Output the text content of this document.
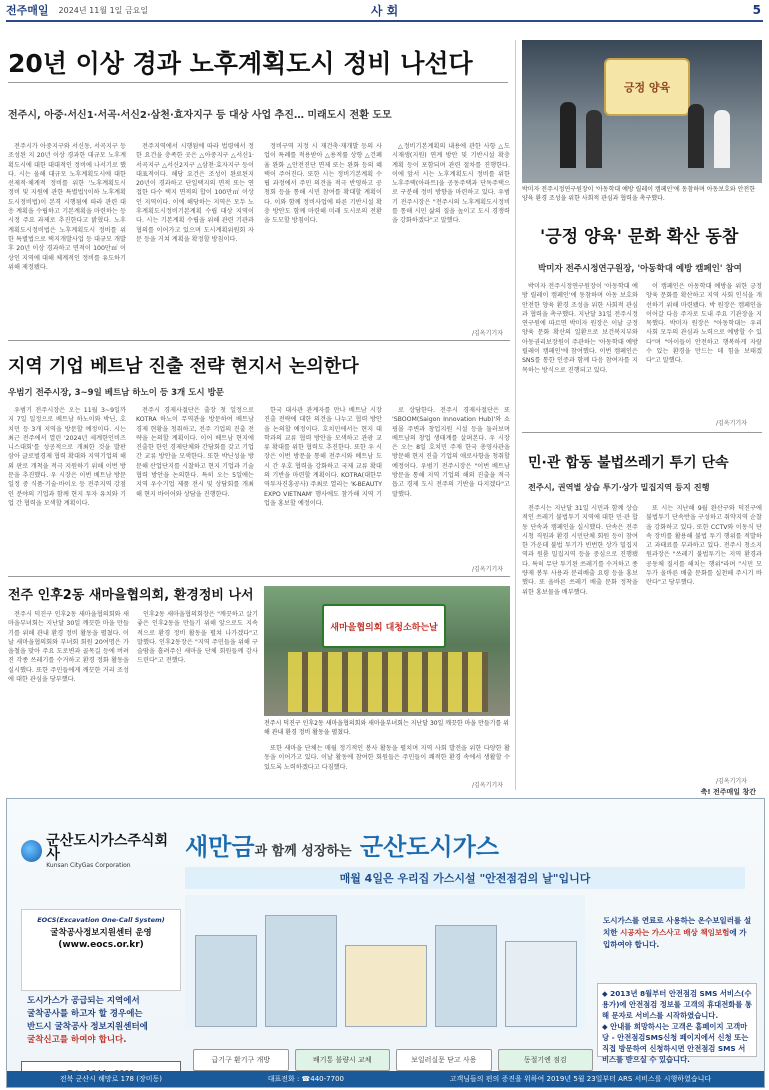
전주매일 2024년 11월 1일 금요일	사 회	5
20년 이상 경과 노후계획도시 정비 나선다
전주시, 아중·서신1·서곡·서신2·삼천·효자지구 등 대상 사업 추진… 미래도시 전환 도모

전주시가 아중지구와 서신동, 서곡지구 등 조성된 지 20년 이상 경과한 대규모 노후계획도시에 대한 대대적인 정비에 나서기로 했다. 시는 올해 대규모 노후계획도시에 대한 선제적·체계적 정비를 위한 '노후계획도시 정비 및 지원에 관한 특별법'(이하 노후계획도시정비법)이 본격 시행됨에 따라 관련 대응 계획을 수립하고 기본계획을 마련하는 등 시정 주요 과제로 추진한다고 밝혔다. 노후계획도시정비법은 노후계획도시 정비를 위한 특별법으로 택지개발사업 등 대규모 개발 후 20년 이상 경과하고 면적이 100만㎡ 이상인 지역에 대해 체계적인 정비를 유도하기 위해 제정됐다.

전주지역에서 시행됨에 따라 법령에서 정한 요건을 충족한 곳은 △아중지구 △서신1·서곡지구 △서신2지구 △삼천·효자지구 등이 대표적이다. 해당 요건은 조성이 완료된지 20년이 경과하고 단일택지의 면적 또는 연접한 다수 택지 면적의 합이 100만㎡ 이상인 지역이다. 이에 해당하는 지역은 모두 노후계획도시정비기본계획 수립 대상 지역이다. 시는 기본계획 수립을 위해 관련 기관과 협의를 이어가고 있으며 도시계획위원회 자문 등을 거쳐 계획을 확정할 방침이다.

정비구역 지정 시 재건축·재개발 등의 사업이 특례를 적용받아 △용적률 상향 △건폐율 완화 △안전진단 면제 또는 완화 등의 혜택이 주어진다. 또한 시는 정비기본계획 수립 과정에서 주민 의견을 적극 반영하고 공청회 등을 통해 시민 참여를 확대할 계획이다. 이와 함께 정비사업에 따른 기반시설 확충 방안도 함께 마련해 미래 도시로의 전환을 도모할 방침이다.

△정비기본계획의 내용에 관한 사항 △도시재생(지원) 연계 방안 및 기반시설 확충 계획 등이 포함되며 관련 절차를 진행한다. 이에 앞서 시는 노후계획도시 정비를 위한 노후주택(아파트)을 공동주택과 단독주택으로 구분해 정비 방향을 마련하고 있다. 우범기 전주시장은 "전주시의 노후계획도시정비를 통해 시민 삶의 질을 높이고 도시 경쟁력을 강화하겠다"고 말했다.

/김옥기기자
긍정 양육
박미자 전주시정연구원장이 '아동학대 예방 릴레이 캠페인'에 동참하며 아동보호와 안전한 양육 환경 조성을 위한 사회적 관심과 협력을 촉구했다.
'긍정 양육' 문화 확산 동참
박미자 전주시정연구원장, '아동학대 예방 캠페인' 참여

박미자 전주시정연구원장이 '아동학대 예방 릴레이 캠페인'에 동참하며 아동 보호와 안전한 양육 환경 조성을 위한 사회적 관심과 협력을 촉구했다. 지난달 31일 전주시정연구원에 따르면 박미자 원장은 이날 긍정 양육 문화 확산의 일환으로 보건복지부와 아동권리보장원이 주관하는 '아동학대 예방 릴레이 캠페인'에 참여했다. 이번 캠페인은 SNS를 통한 인증과 함께 다음 참여자를 지목하는 방식으로 진행되고 있다.

이 캠페인은 아동학대 예방을 위한 긍정 양육 문화를 확산하고 지역 사회 인식을 개선하기 위해 마련됐다. 박 원장은 캠페인을 이어갈 다음 주자로 도내 주요 기관장을 지목했다. 박미자 원장은 "아동학대는 우리 사회 모두의 관심과 노력으로 예방할 수 있다"며 "아이들이 안전하고 행복하게 자랄 수 있는 환경을 만드는 데 힘을 보태겠다"고 말했다.

/김옥기기자
지역 기업 베트남 진출 전략 현지서 논의한다
우범기 전주시장, 3~9일 베트남 하노이 등 3개 도시 방문

우범기 전주시장은 오는 11월 3~9일까지 7일 일정으로 베트남 하노이와 박닌, 호치민 등 3개 지역을 방문할 예정이다. 시는 최근 전주에서 열린 '2024년 세계한인비즈니스대회'를 성공적으로 개최한 것을 발판 삼아 글로벌경제 협력 확대와 지역기업의 해외 판로 개척을 적극 지원하기 위해 이번 방문을 추진했다. 우 시장은 이번 베트남 방문 일정 중 식품·기술·바이오 등 전주지역 강점인 분야의 기업과 함께 현지 투자 유치와 기업 간 협력을 모색할 계획이다.

전주시 경제사절단은 출장 첫 일정으로 KOTRA 하노이 무역관을 방문하여 베트남 경제 현황을 청취하고, 전주 기업의 진출 전략을 논의할 계획이다. 이어 베트남 현지에 진출한 한인 경제단체와 간담회를 갖고 기업 간 교류 방안을 모색한다. 또한 박닌성을 방문해 산업단지를 시찰하고 현지 기업과 기술 협력 방안을 논의한다. 특히 오는 5일에는 지역 우수기업 제품 전시 및 상담회를 개최해 현지 바이어와 상담을 진행한다.

한국 대사관 관계자를 만나 베트남 시장 진출 전략에 대한 의견을 나누고 협력 방안을 논의할 예정이다. 호치민에서는 현지 대학과의 교류 협력 방안을 모색하고 관광 교류 확대를 위한 협력도 추진한다. 또한 우 시장은 이번 방문을 통해 전주시와 베트남 도시 간 우호 협력을 강화하고 국제 교류 확대의 기반을 마련할 계획이다. KOTRA(대한무역투자진흥공사) 주최로 열리는 'K-BEAUTY EXPO VIETNAM' 행사에도 참가해 지역 기업을 홍보할 예정이다.

로 상담한다. 전주시 경제사절단은 또 'SBOOM(Saigon Innovation Hub)'와 쇼핑몰 주변과 창업지원 시설 등을 둘러보며 베트남의 창업 생태계를 살펴본다. 우 시장은 오는 8일 호치민 주재 한국 총영사관을 방문해 현지 진출 기업의 애로사항을 청취할 예정이다. 우범기 전주시장은 "이번 베트남 방문을 통해 지역 기업의 해외 진출을 적극 돕고 경제 도시 전주의 기반을 다지겠다"고 말했다.

/김옥기기자
민·관 합동 불법쓰레기 투기 단속
전주시, 권역별 상습 투기·상가 밀집지역 등지 진행

전주시는 지난달 31일 시민과 함께 상습적인 쓰레기 불법투기 지역에 대한 민·관 합동 단속과 캠페인을 실시했다. 단속은 전주시청 직원과 환경 시민단체 회원 등이 참여한 가운데 불법 투기가 빈번한 상가 밀집지역과 원룸 밀집지역 등을 중심으로 진행됐다. 특히 무단 투기된 쓰레기를 수거하고 종량제 봉투 사용과 분리배출 요령 등을 홍보했다. 또 올바른 쓰레기 배출 문화 정착을 위한 홍보물을 배부했다.

또 시는 지난해 9월 완산구와 덕진구에 불법투기 단속반을 구성하고 취약지역 순찰을 강화하고 있다. 또한 CCTV와 이동식 단속 장비를 활용해 불법 투기 행위를 적발하고 과태료를 부과하고 있다. 전주시 청소지원과장은 "쓰레기 불법투기는 지역 환경과 공동체 질서를 해치는 행위"라며 "시민 모두가 올바른 배출 문화를 실천해 주시기 바란다"고 당부했다.

/김옥기기자
전주 인후2동 새마을협의회, 환경정비 나서

전주시 덕진구 인후2동 새마을협의회와 새마을부녀회는 지난달 30일 깨끗한 마을 만들기를 위해 관내 환경 정비 활동을 펼쳤다. 이날 새마을협의회와 부녀회 회원 20여명은 가을철을 맞아 주요 도로변과 골목길 등에 버려진 각종 쓰레기를 수거하고 환경 정화 활동을 실시했다. 또한 주민들에게 깨끗한 거리 조성에 대한 관심을 당부했다.

인후2동 새마을협의회장은 "깨끗하고 살기 좋은 인후2동을 만들기 위해 앞으로도 지속적으로 환경 정비 활동을 펼쳐 나가겠다"고 말했다. 인후2동장은 "지역 주민들을 위해 구슬땀을 흘려주신 새마을 단체 회원들께 감사드린다"고 전했다.

새마을협의회 대청소하는날
전주시 덕진구 인후2동 새마을협의회와 새마을부녀회는 지난달 30일 깨끗한 마을 만들기를 위해 관내 환경 정비 활동을 펼쳤다.

또한 새마을 단체는 매월 정기적인 봉사 활동을 펼치며 지역 사회 발전을 위한 다양한 활동을 이어가고 있다. 이날 활동에 참여한 회원들은 주민들이 쾌적한 환경 속에서 생활할 수 있도록 노력하겠다고 다짐했다.

/김옥기기자
축! 전주매일 창간
군산도시가스주식회사
Kunsan CityGas Corporation
새만금과 함께 성장하는 군산도시가스
매월 4일은 우리집 가스시설 "안전점검의 날"입니다
EOCS(Excavation One-Call System)
굴착공사정보지원센터 운영
(www.eocs.or.kr)
도시가스가 공급되는 지역에서
굴착공사를 하고자 할 경우에는
반드시 굴착공사 정보지원센터에
굴착신고를 하여야 합니다.
급기구 환기구 개방	배기통 불량시 교체	보일러실문 닫고 사용	동절기엔 점검
도시가스를 연료로 사용하는 온수보일러를 설치한 시공자는 가스사고 배상 책임보험에 가입하여야 합니다.
◆ 2013년 8월부터 안전점검 SMS 서비스(수용가)에 안전점검 정보를 고객의 휴대전화를 통해 문자로 서비스를 시작하였습니다.
◆ 안내를 희망하시는 고객은 홈페이지 고객마당 - 안전점검SMS신청 페이지에서 신청 또는 직접 방문하여 신청하시면 안전점검 SMS 서비스를 받으실 수 있습니다.
전북 군산시 해망로 178 (장미동)	대표전화 : ☎440-7700	고객님들의 편의 증진을 위하여 2019년 5월 23일부터 ARS 서비스를 시행하였습니다
